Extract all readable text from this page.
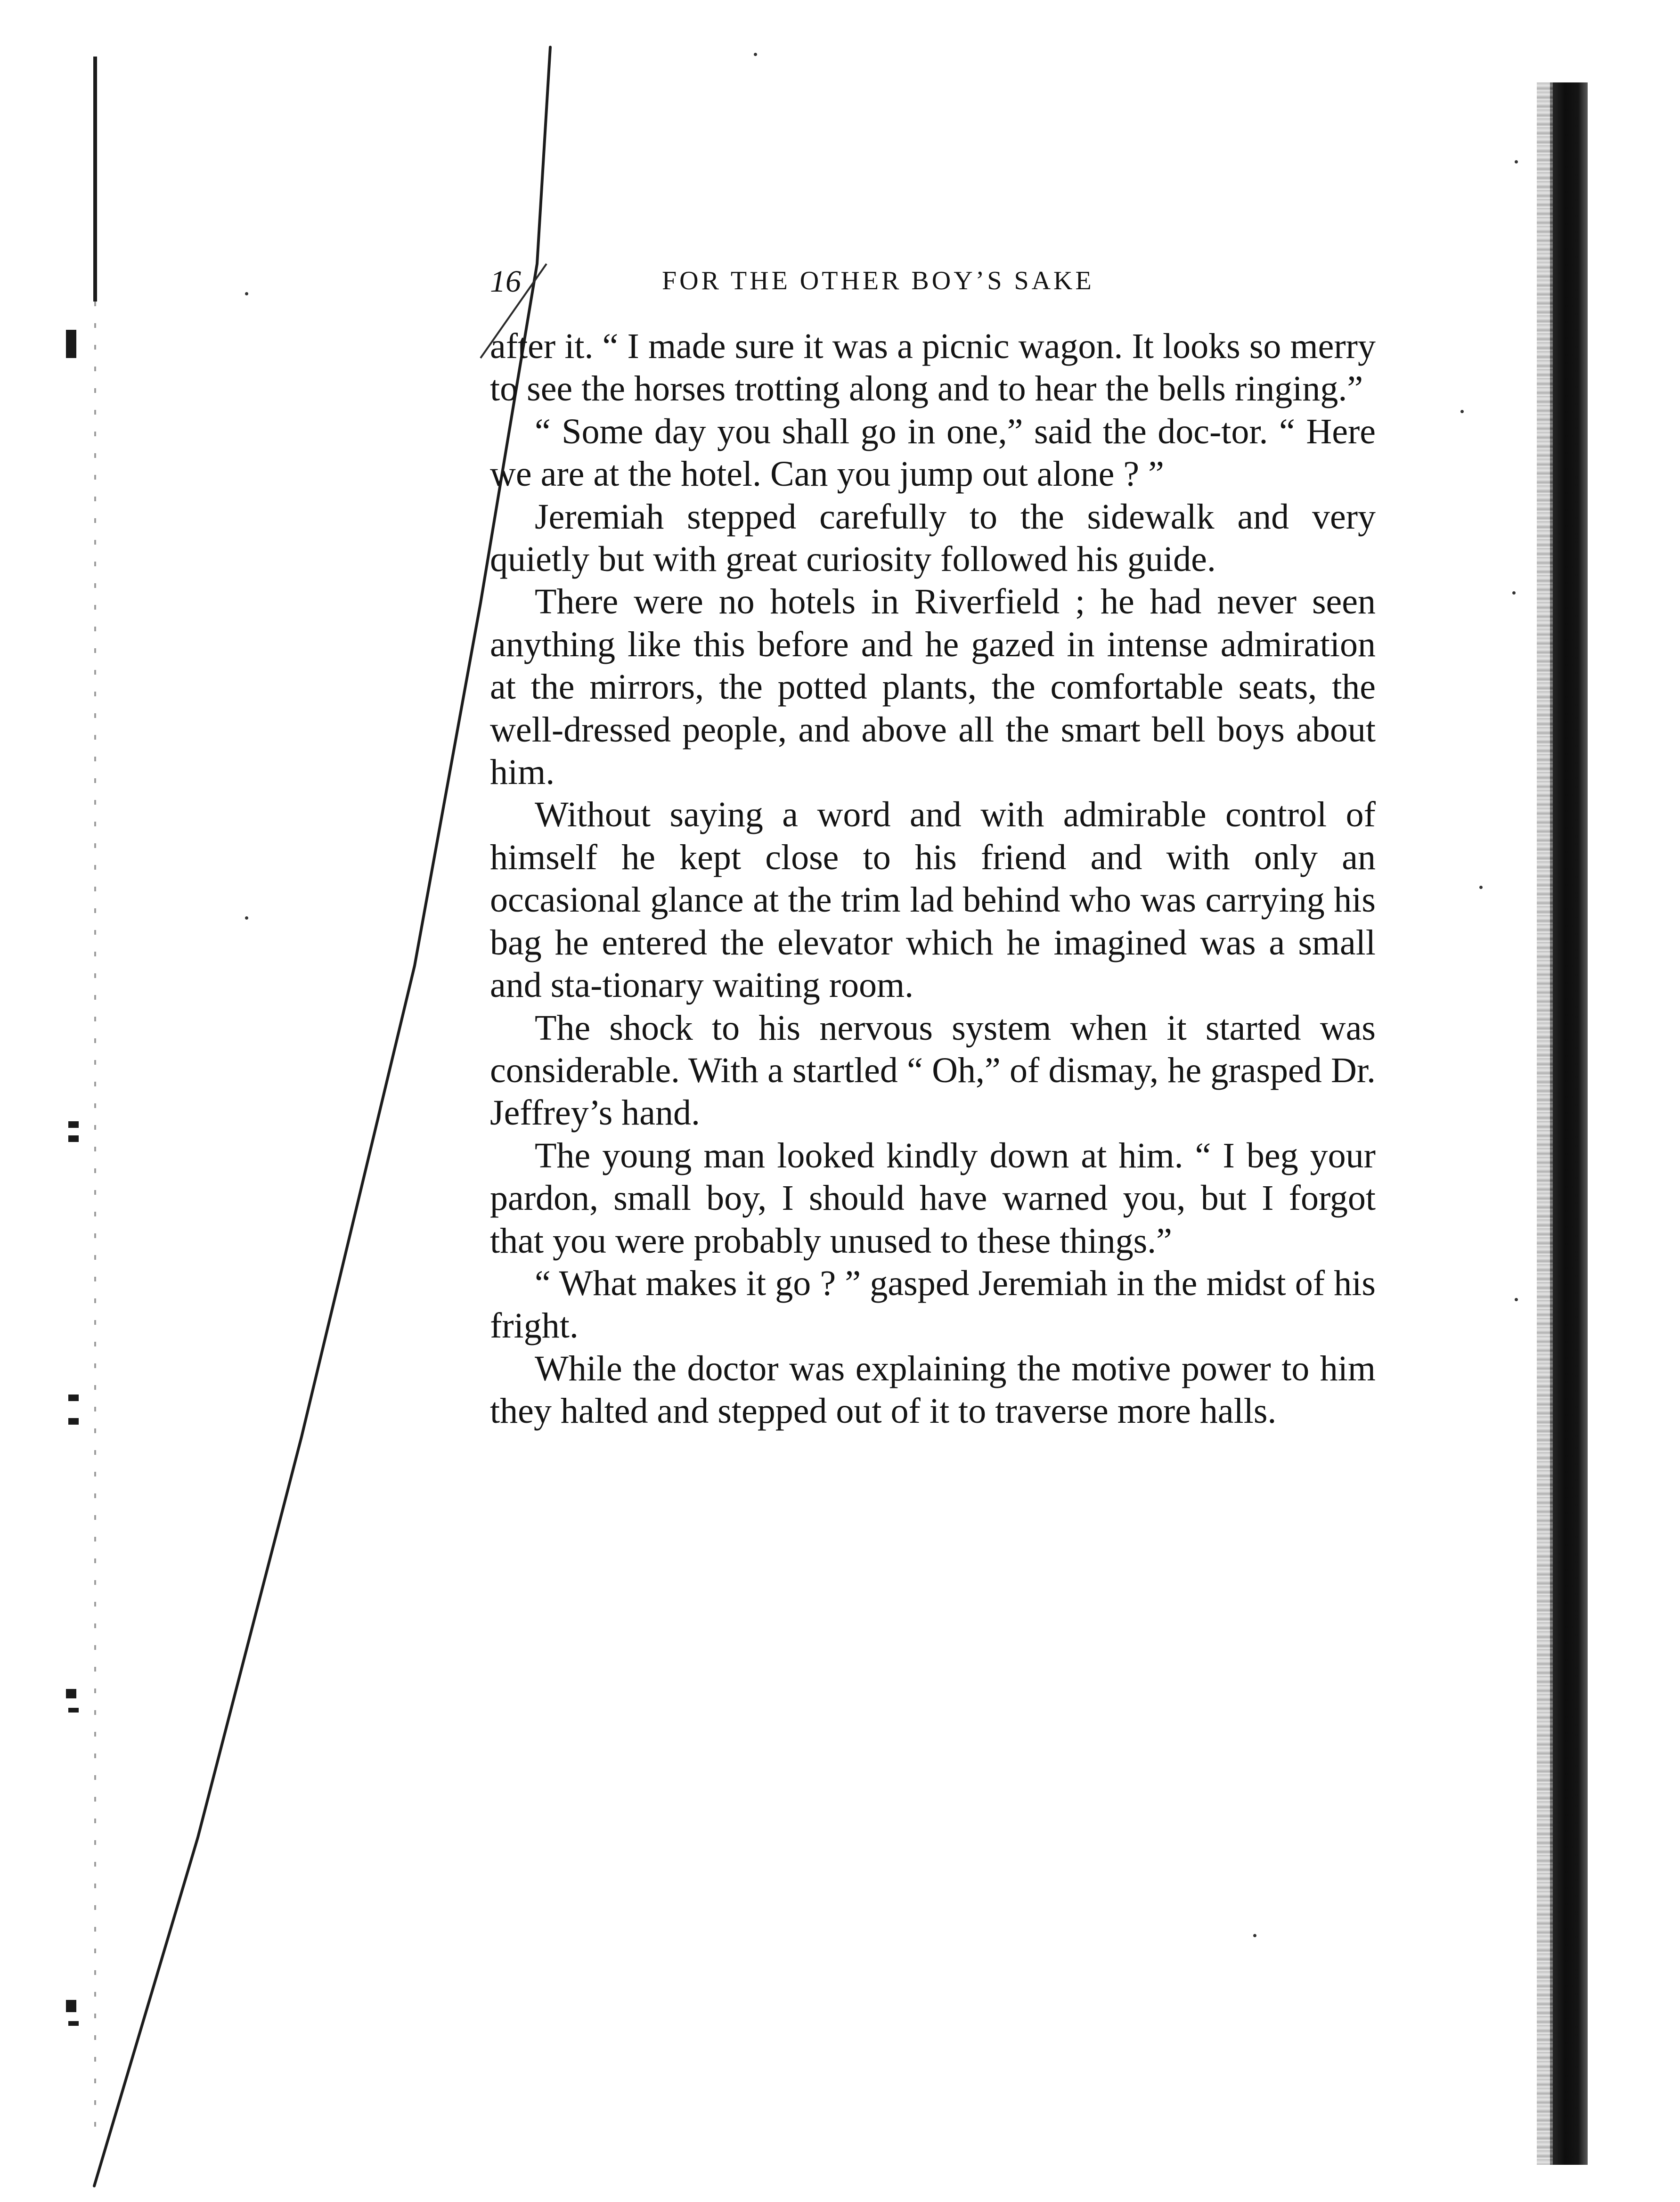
16	FOR THE OTHER BOY’S SAKE

after it. “ I made sure it was a picnic wagon. It looks so merry to see the horses trotting along and to hear the bells ringing.”

“ Some day you shall go in one,” said the doc-tor. “ Here we are at the hotel. Can you jump out alone ? ”

Jeremiah stepped carefully to the sidewalk and very quietly but with great curiosity followed his guide.

There were no hotels in Riverfield ; he had never seen anything like this before and he gazed in intense admiration at the mirrors, the potted plants, the comfortable seats, the well-dressed people, and above all the smart bell boys about him.

Without saying a word and with admirable control of himself he kept close to his friend and with only an occasional glance at the trim lad behind who was carrying his bag he entered the elevator which he imagined was a small and sta-tionary waiting room.

The shock to his nervous system when it started was considerable. With a startled “ Oh,” of dismay, he grasped Dr. Jeffrey’s hand.

The young man looked kindly down at him. “ I beg your pardon, small boy, I should have warned you, but I forgot that you were probably unused to these things.”

“ What makes it go ? ” gasped Jeremiah in the midst of his fright.

While the doctor was explaining the motive power to him they halted and stepped out of it to traverse more halls.
